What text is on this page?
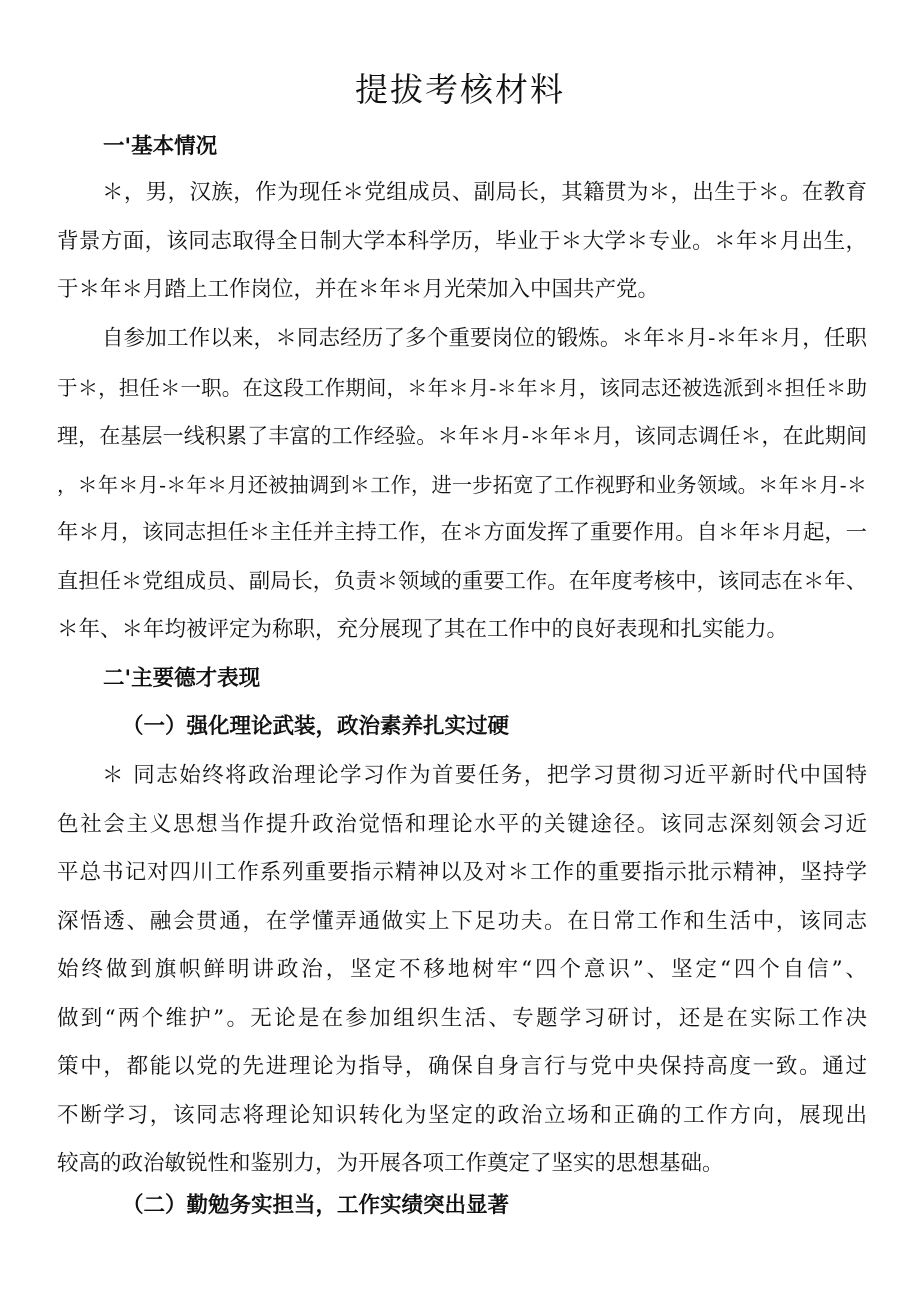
提拔考核材料
一'基本情况
＊，男，汉族，作为现任＊党组成员、副局长，其籍贯为＊，出生于＊。在教育
背景方面，该同志取得全日制大学本科学历，毕业于＊大学＊专业。＊年＊月出生，
于＊年＊月踏上工作岗位，并在＊年＊月光荣加入中国共产党。
自参加工作以来，＊同志经历了多个重要岗位的锻炼。＊年＊月-＊年＊月，任职
于＊，担任＊一职。在这段工作期间，＊年＊月-＊年＊月，该同志还被选派到＊担任＊助
理，在基层一线积累了丰富的工作经验。＊年＊月-＊年＊月，该同志调任＊，在此期间
，＊年＊月-＊年＊月还被抽调到＊工作，进一步拓宽了工作视野和业务领域。＊年＊月-＊
年＊月，该同志担任＊主任并主持工作，在＊方面发挥了重要作用。自＊年＊月起，一
直担任＊党组成员、副局长，负责＊领域的重要工作。在年度考核中，该同志在＊年、
＊年、＊年均被评定为称职，充分展现了其在工作中的良好表现和扎实能力。
二'主要德才表现
（一）强化理论武装，政治素养扎实过硬
＊ 同志始终将政治理论学习作为首要任务，把学习贯彻习近平新时代中国特
色社会主义思想当作提升政治觉悟和理论水平的关键途径。该同志深刻领会习近
平总书记对四川工作系列重要指示精神以及对＊工作的重要指示批示精神，坚持学
深悟透、融会贯通，在学懂弄通做实上下足功夫。在日常工作和生活中，该同志
始终做到旗帜鲜明讲政治，坚定不移地树牢“四个意识”、坚定“四个自信”、
做到“两个维护”。无论是在参加组织生活、专题学习研讨，还是在实际工作决
策中，都能以党的先进理论为指导，确保自身言行与党中央保持高度一致。通过
不断学习，该同志将理论知识转化为坚定的政治立场和正确的工作方向，展现出
较高的政治敏锐性和鉴别力，为开展各项工作奠定了坚实的思想基础。
（二）勤勉务实担当，工作实绩突出显著
